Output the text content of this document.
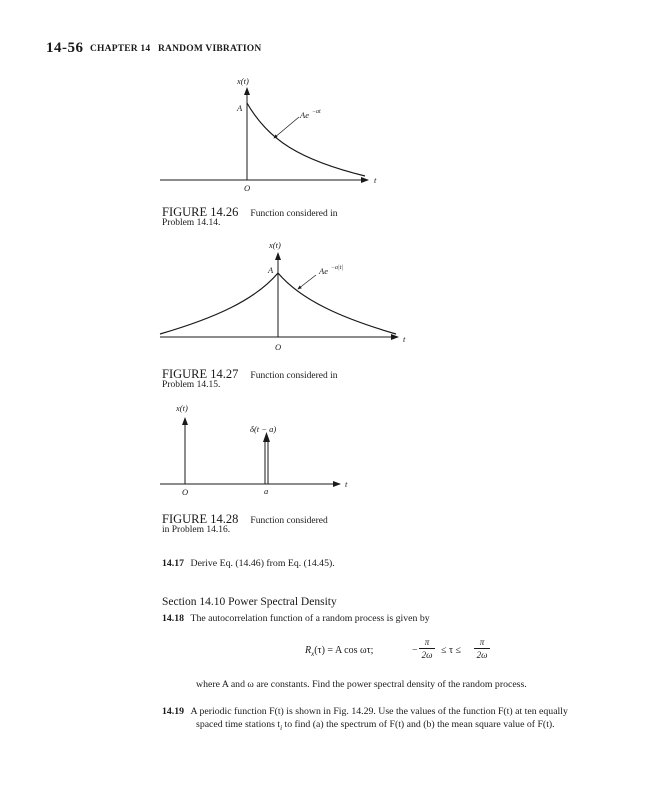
14-56 CHAPTER 14 RANDOM VIBRATION
x(t)
A
Ae −at
t
O
x(t)
A	Ae −a|t|
t
O
x(t)
δ(t − a)
t
O	a
FIGURE 14.26 Function considered in
Problem 14.14.
FIGURE 14.27 Function considered in
Problem 14.15.
FIGURE 14.28 Function considered
in Problem 14.16.
14.17 Derive Eq. (14.46) from Eq. (14.45).
Section 14.10 Power Spectral Density
14.18 The autocorrelation function of a random process is given by
$R_x(\tau) = A$ cos ωτ;	−
π
2ω ≤ τ ≤
π
2ω
where A and ω are constants. Find the power spectral density of the random process.
14.19 A periodic function F(t) is shown in Fig. 14.29. Use the values of the function F(t) at ten equally
spaced time stations $t_i$ to find (a) the spectrum of F(t) and (b) the mean square value of F(t).
